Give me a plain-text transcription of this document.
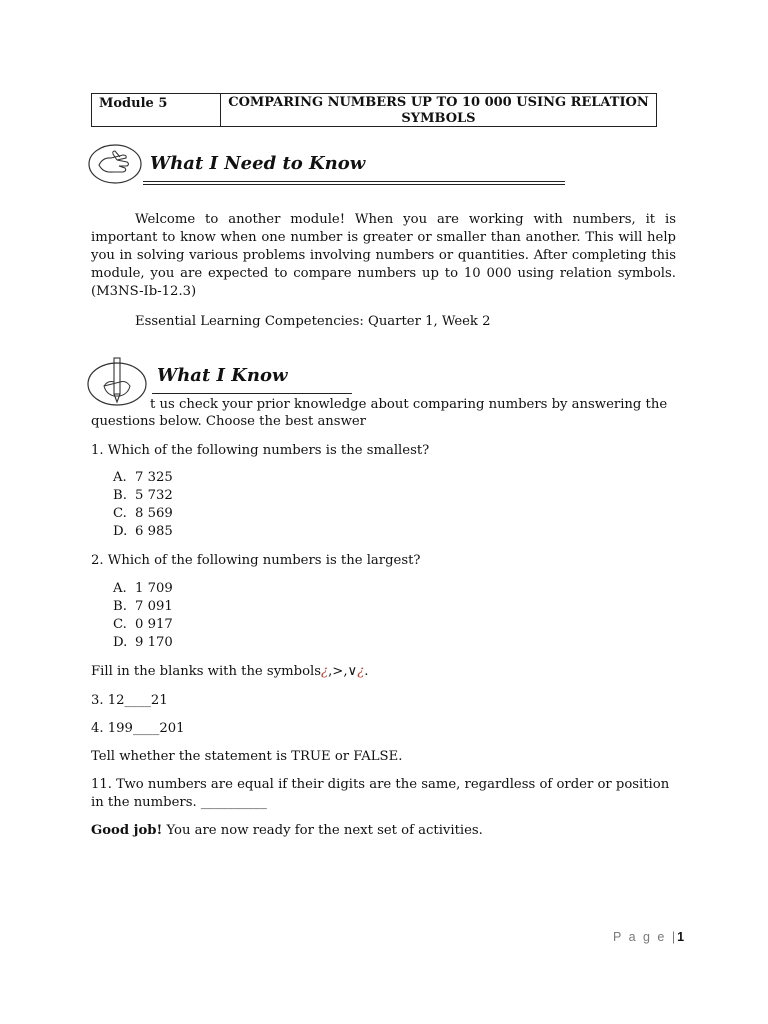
Module 5	COMPARING NUMBERS UP TO 10 000 USING RELATION
SYMBOLS
What I Need to Know
Welcome to another module! When you are working with numbers, it is
important to know when one number is greater or smaller than another. This will help
you in solving various problems involving numbers or quantities. After completing this
module, you are expected to compare numbers up to 10 000 using relation symbols.
(M3NS-Ib-12.3)
Essential Learning Competencies: Quarter 1, Week 2
What I Know
t us check your prior knowledge about comparing numbers by answering the
questions below. Choose the best answer
1. Which of the following numbers is the smallest?
A. 7 325
B. 5 732
C. 8 569
D. 6 985
2. Which of the following numbers is the largest?
A. 1 709
B. 7 091
C. 0 917
D. 9 170
Fill in the blanks with the symbols¿,>,∨¿.
3. 12____21
4. 199____201
Tell whether the statement is TRUE or FALSE.
11. Two numbers are equal if their digits are the same, regardless of order or position
in the numbers. __________
Good job! You are now ready for the next set of activities.
P a g e |1
